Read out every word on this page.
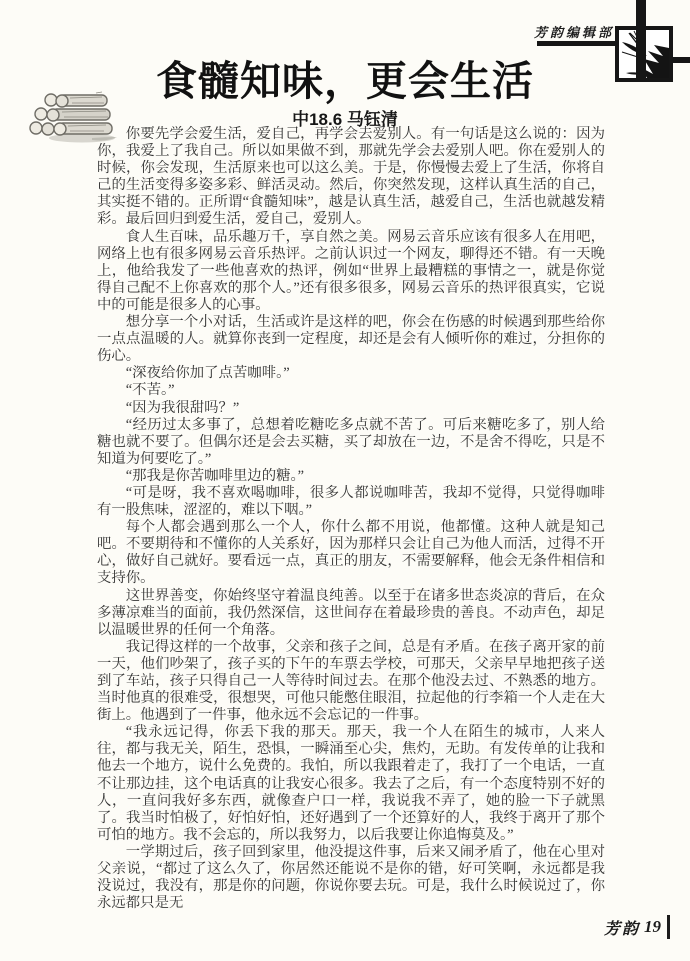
芳韵编辑部
食髓知味，更会生活
中18.6 马钰清

你要先学会爱生活，爱自己，再学会去爱别人。有一句话是这么说的：因为你，我爱上了我自己。所以如果做不到，那就先学会去爱别人吧。你在爱别人的时候，你会发现，生活原来也可以这么美。于是，你慢慢去爱上了生活，你将自己的生活变得多姿多彩、鲜活灵动。然后，你突然发现，这样认真生活的自己，其实挺不错的。正所谓“食髓知味”，越是认真生活，越爱自己，生活也就越发精彩。最后回归到爱生活，爱自己，爱别人。

食人生百味，品乐趣万千，享自然之美。网易云音乐应该有很多人在用吧，网络上也有很多网易云音乐热评。之前认识过一个网友，聊得还不错。有一天晚上，他给我发了一些他喜欢的热评，例如“世界上最糟糕的事情之一，就是你觉得自己配不上你喜欢的那个人。”还有很多很多，网易云音乐的热评很真实，它说中的可能是很多人的心事。

想分享一个小对话，生活或许是这样的吧，你会在伤感的时候遇到那些给你一点点温暖的人。就算你丧到一定程度，却还是会有人倾听你的难过，分担你的伤心。

“深夜给你加了点苦咖啡。”

“不苦。”

“因为我很甜吗？”

“经历过太多事了，总想着吃糖吃多点就不苦了。可后来糖吃多了，别人给糖也就不要了。但偶尔还是会去买糖，买了却放在一边，不是舍不得吃，只是不知道为何要吃了。”

“那我是你苦咖啡里边的糖。”

“可是呀，我不喜欢喝咖啡，很多人都说咖啡苦，我却不觉得，只觉得咖啡有一股焦味，涩涩的，难以下咽。”

每个人都会遇到那么一个人，你什么都不用说，他都懂。这种人就是知己吧。不要期待和不懂你的人关系好，因为那样只会让自己为他人而活，过得不开心，做好自己就好。要看远一点，真正的朋友，不需要解释，他会无条件相信和支持你。

这世界善变，你始终坚守着温良纯善。以至于在诸多世态炎凉的背后，在众多薄凉难当的面前，我仍然深信，这世间存在着最珍贵的善良。不动声色，却足以温暖世界的任何一个角落。

我记得这样的一个故事，父亲和孩子之间，总是有矛盾。在孩子离开家的前一天，他们吵架了，孩子买的下午的车票去学校，可那天，父亲早早地把孩子送到了车站，孩子只得自己一人等待时间过去。在那个他没去过、不熟悉的地方。当时他真的很难受，很想哭，可他只能憋住眼泪，拉起他的行李箱一个人走在大街上。他遇到了一件事，他永远不会忘记的一件事。

“我永远记得，你丢下我的那天。那天，我一个人在陌生的城市，人来人往，都与我无关，陌生，恐惧，一瞬涌至心尖，焦灼，无助。有发传单的让我和他去一个地方，说什么免费的。我怕，所以我跟着走了，我打了一个电话，一直不让那边挂，这个电话真的让我安心很多。我去了之后，有一个态度特别不好的人，一直问我好多东西，就像查户口一样，我说我不弄了，她的脸一下子就黑了。我当时怕极了，好怕好怕，还好遇到了一个还算好的人，我终于离开了那个可怕的地方。我不会忘的，所以我努力，以后我要让你追悔莫及。”

一学期过后，孩子回到家里，他没提这件事，后来又闹矛盾了，他在心里对父亲说，“都过了这么久了，你居然还能说不是你的错，好可笑啊，永远都是我没说过，我没有，那是你的问题，你说你要去玩。可是，我什么时候说过了，你永远都只是无

芳韵 19
